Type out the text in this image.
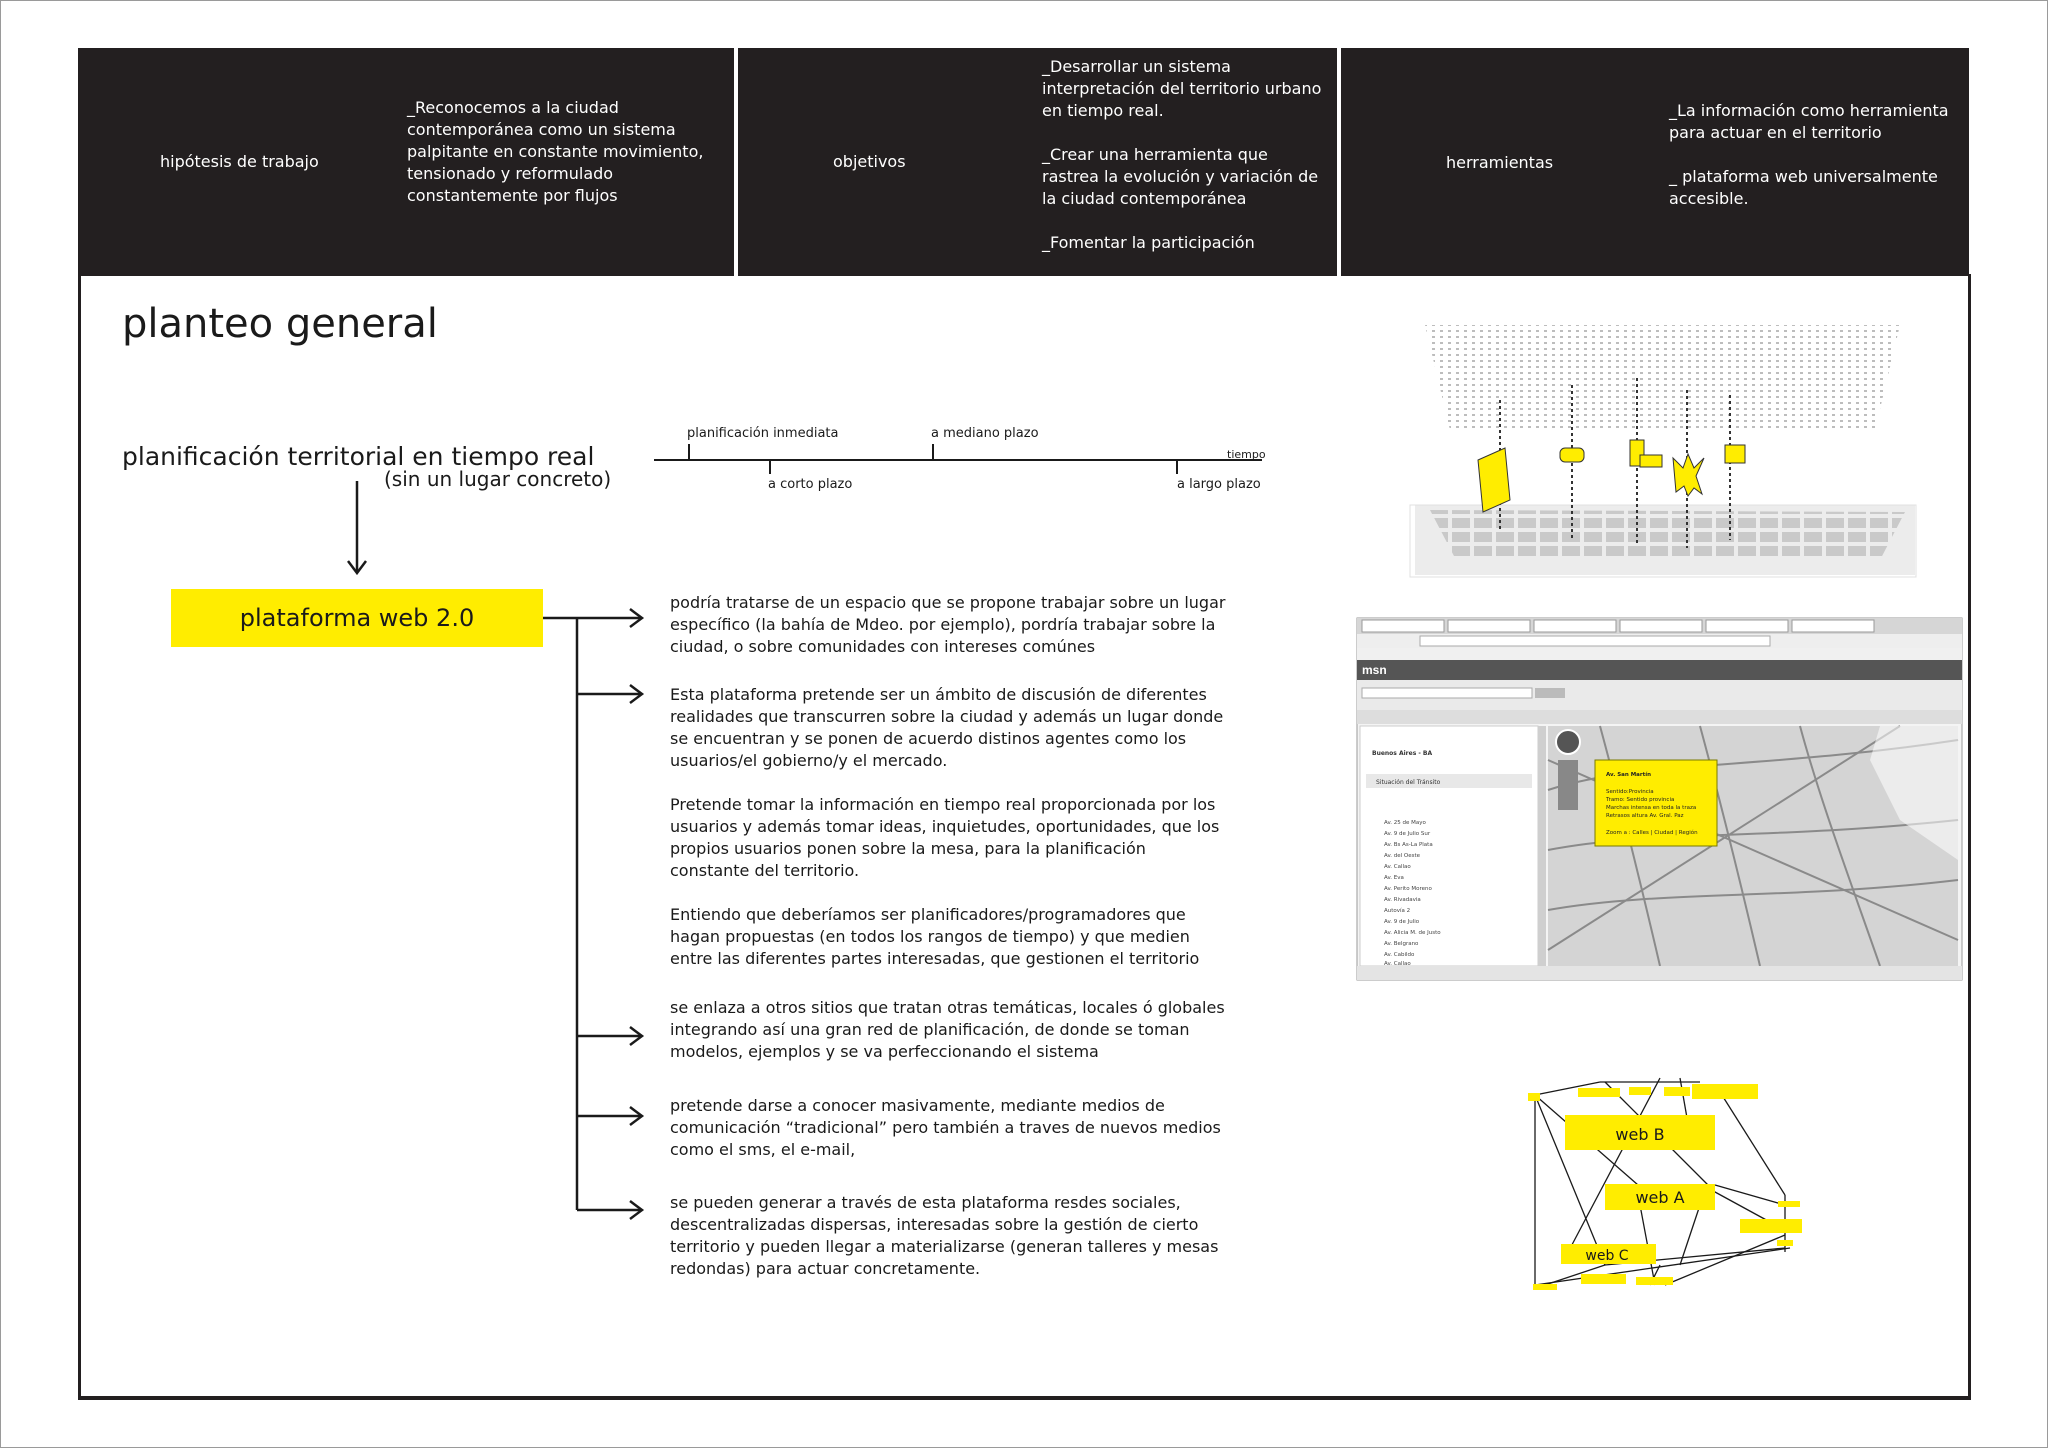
hipótesis de trabajo
_Reconocemos a la ciudad
contemporánea como un sistema
palpitante en constante movimiento,
tensionado y reformulado
constantemente por flujos
objetivos
_Desarrollar un sistema
interpretación del territorio urbano
en tiempo real.

_Crear una herramienta que
rastrea la evolución y variación de
la ciudad contemporánea

_Fomentar la participación
herramientas
_La información como herramienta
para actuar en el territorio

_ plataforma web universalmente
accesible.
planteo general
planificación territorial en tiempo real
(sin un lugar concreto)
planificación inmediata	a mediano plazo
tiempo
a corto plazo	a largo plazo
plataforma web 2.0
podría tratarse de un espacio que se propone trabajar sobre un lugar
específico (la bahía de Mdeo. por ejemplo), pordría trabajar sobre la
ciudad, o sobre comunidades con intereses comúnes
Esta plataforma pretende ser un ámbito de discusión de diferentes
realidades que transcurren sobre la ciudad y además un lugar donde
se encuentran y se ponen de acuerdo distinos agentes como los
usuarios/el gobierno/y el mercado.

Pretende tomar la información en tiempo real proporcionada por los
usuarios y además tomar ideas, inquietudes, oportunidades, que los
propios usuarios ponen sobre la mesa, para la planificación
constante del territorio.

Entiendo que deberíamos ser planificadores/programadores que
hagan propuestas (en todos los rangos de tiempo) y que medien
entre las diferentes partes interesadas, que gestionen el territorio
se enlaza a otros sitios que tratan otras temáticas, locales ó globales
integrando así una gran red de planificación, de donde se toman
modelos, ejemplos y se va perfeccionando el sistema
pretende darse a conocer masivamente, mediante medios de
comunicación “tradicional” pero también a traves de nuevos medios
como el sms, el e-mail,
se pueden generar a través de esta plataforma resdes sociales,
descentralizadas dispersas, interesadas sobre la gestión de cierto
territorio y pueden llegar a materializarse (generan talleres y mesas
redondas) para actuar concretamente.
msn
Buenos Aires - BA
Situación del Tránsito
Av. 25 de Mayo
Av. 9 de Julio Sur
Av. Bs As-La Plata
Av. del Oeste
Av. Callao
Av. Eva
Av. Perito Moreno
Av. Rivadavia
Autovía 2
Av. 9 de Julio
Av. Alicia M. de Justo
Av. Belgrano
Av. Cabildo
Av. Callao
Av. San Martín
Sentido:Provincia
Tramo: Sentido provincia
Marchas intensa en toda la traza
Retrasos altura Av. Gral. Paz
Zoom a : Calles | Ciudad | Región
web B
web A
web C
